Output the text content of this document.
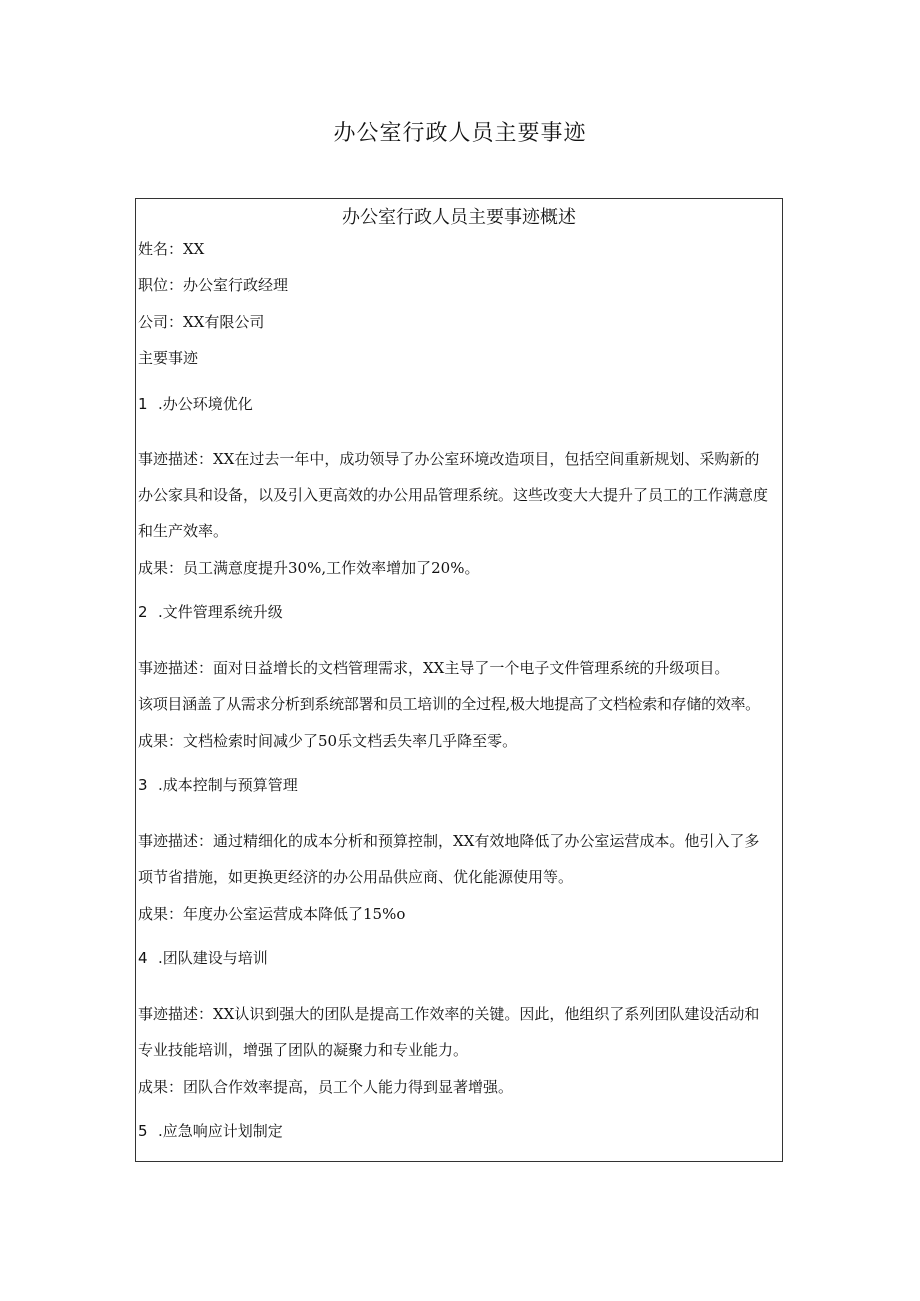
办公室行政人员主要事迹
办公室行政人员主要事迹概述
姓名：XX
职位：办公室行政经理
公司：XX有限公司
主要事迹
1 .办公环境优化
事迹描述：XX在过去一年中，成功领导了办公室环境改造项目，包括空间重新规划、采购新的
办公家具和设备，以及引入更高效的办公用品管理系统。这些改变大大提升了员工的工作满意度
和生产效率。
成果：员工满意度提升30%,工作效率增加了20%。
2 .文件管理系统升级
事迹描述：面对日益增长的文档管理需求，XX主导了一个电子文件管理系统的升级项目。
该项目涵盖了从需求分析到系统部署和员工培训的全过程,极大地提高了文档检索和存储的效率。
成果：文档检索时间减少了50乐文档丢失率几乎降至零。
3 .成本控制与预算管理
事迹描述：通过精细化的成本分析和预算控制，XX有效地降低了办公室运营成本。他引入了多
项节省措施，如更换更经济的办公用品供应商、优化能源使用等。
成果：年度办公室运营成本降低了15%o
4 .团队建设与培训
事迹描述：XX认识到强大的团队是提高工作效率的关键。因此，他组织了系列团队建设活动和
专业技能培训，增强了团队的凝聚力和专业能力。
成果：团队合作效率提高，员工个人能力得到显著增强。
5 .应急响应计划制定
